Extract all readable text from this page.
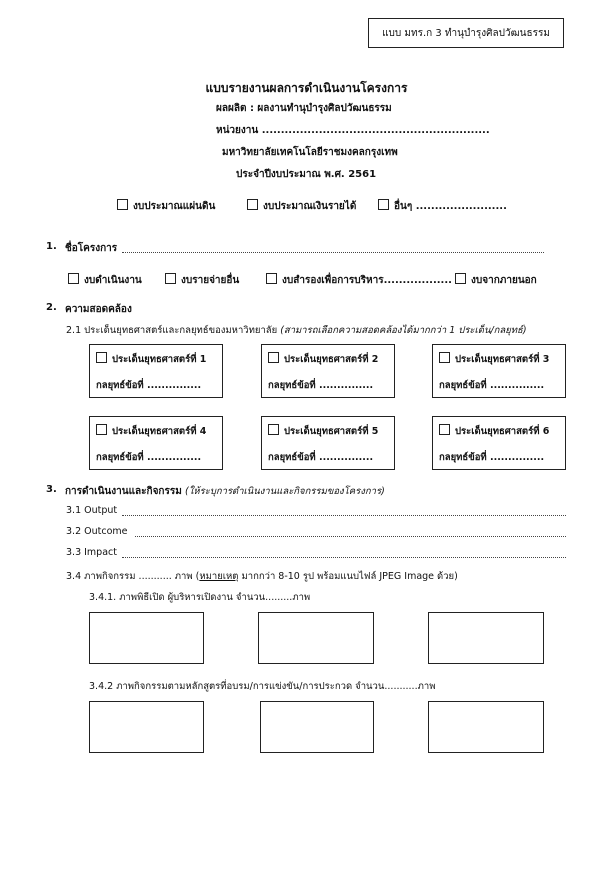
แบบ มทร.ก 3 ทำนุบำรุงศิลปวัฒนธรรม
แบบรายงานผลการดำเนินงานโครงการ
ผลผลิต : ผลงานทำนุบำรุงศิลปวัฒนธรรม
หน่วยงาน ............................................................
มหาวิทยาลัยเทคโนโลยีราชมงคลกรุงเทพ
ประจำปีงบประมาณ พ.ศ. 2561
งบประมาณแผ่นดิน	งบประมาณเงินรายได้	อื่นๆ ........................
1. ชื่อโครงการ
งบดำเนินงาน	งบรายจ่ายอื่น	งบสำรองเพื่อการบริหาร..................	งบจากภายนอก
2. ความสอดคล้อง
2.1 ประเด็นยุทธศาสตร์และกลยุทธ์ของมหาวิทยาลัย (สามารถเลือกความสอดคล้องได้มากกว่า 1 ประเด็น/กลยุทธ์)
ประเด็นยุทธศาสตร์ที่ 1
กลยุทธ์ข้อที่ ...............
ประเด็นยุทธศาสตร์ที่ 2
กลยุทธ์ข้อที่ ...............
ประเด็นยุทธศาสตร์ที่ 3
กลยุทธ์ข้อที่ ...............
ประเด็นยุทธศาสตร์ที่ 4
กลยุทธ์ข้อที่ ...............
ประเด็นยุทธศาสตร์ที่ 5
กลยุทธ์ข้อที่ ...............
ประเด็นยุทธศาสตร์ที่ 6
กลยุทธ์ข้อที่ ...............
3. การดำเนินงานและกิจกรรม (ให้ระบุการดำเนินงานและกิจกรรมของโครงการ)
3.1 Output
3.2 Outcome
3.3 Impact
3.4 ภาพกิจกรรม ........... ภาพ (หมายเหตุ มากกว่า 8-10 รูป พร้อมแนบไฟล์ JPEG Image ด้วย)
3.4.1. ภาพพิธีเปิด ผู้บริหารเปิดงาน จำนวน.........ภาพ
3.4.2 ภาพกิจกรรมตามหลักสูตรที่อบรม/การแข่งขัน/การประกวด จำนวน...........ภาพ
